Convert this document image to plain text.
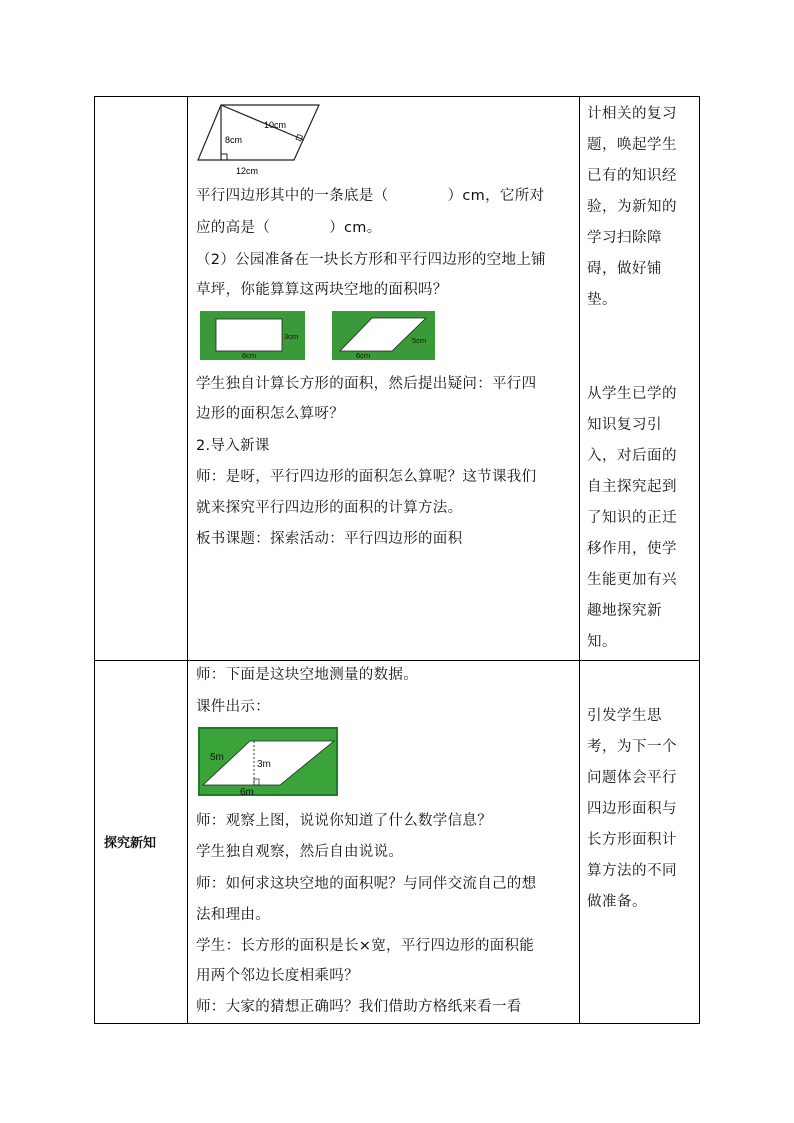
探究新知
10cm
8cm
12cm
平行四边形其中的一条底是（　　　　）cm，它所对
应的高是（　　　　）cm。
（2）公园准备在一块长方形和平行四边形的空地上铺
草坪，你能算算这两块空地的面积吗？
3cm
6cm
5cm
6cm
学生独自计算长方形的面积，然后提出疑问：平行四
边形的面积怎么算呀？
2.导入新课
师：是呀，平行四边形的面积怎么算呢？这节课我们
就来探究平行四边形的面积的计算方法。
板书课题：探索活动：平行四边形的面积
计相关的复习
题，唤起学生
已有的知识经
验，为新知的
学习扫除障
碍，做好铺
垫。
从学生已学的
知识复习引
入，对后面的
自主探究起到
了知识的正迁
移作用，使学
生能更加有兴
趣地探究新
知。
师：下面是这块空地测量的数据。
课件出示：
5m
3m
6m
师：观察上图，说说你知道了什么数学信息？
学生独自观察，然后自由说说。
师：如何求这块空地的面积呢？与同伴交流自己的想
法和理由。
学生：长方形的面积是长×宽，平行四边形的面积能
用两个邻边长度相乘吗？
师：大家的猜想正确吗？我们借助方格纸来看一看
引发学生思
考，为下一个
问题体会平行
四边形面积与
长方形面积计
算方法的不同
做准备。
